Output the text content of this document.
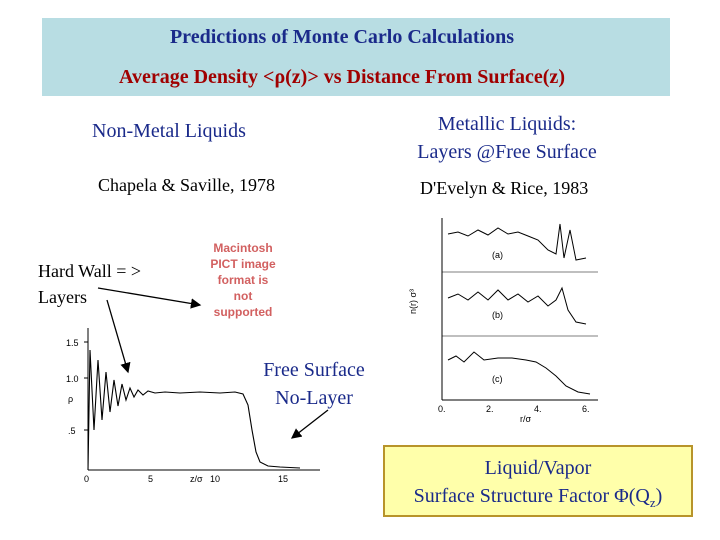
Predictions of Monte Carlo Calculations
Average Density <ρ(z)> vs Distance From Surface(z)
Non-Metal Liquids	Metallic Liquids:
Layers @Free Surface
Chapela & Saville, 1978	D'Evelyn & Rice, 1983
Macintosh PICT image format is not supported
1.5
1.0
ρ
.5
0	5	10	15
z/σ
n(r) σ³
(a)
(b)
(c)
0.	2.	4.	6.
r/σ
Hard Wall = > Layers
Free Surface No-Layer
Liquid/Vapor
Surface Structure Factor $\Phi(Q_z)$
